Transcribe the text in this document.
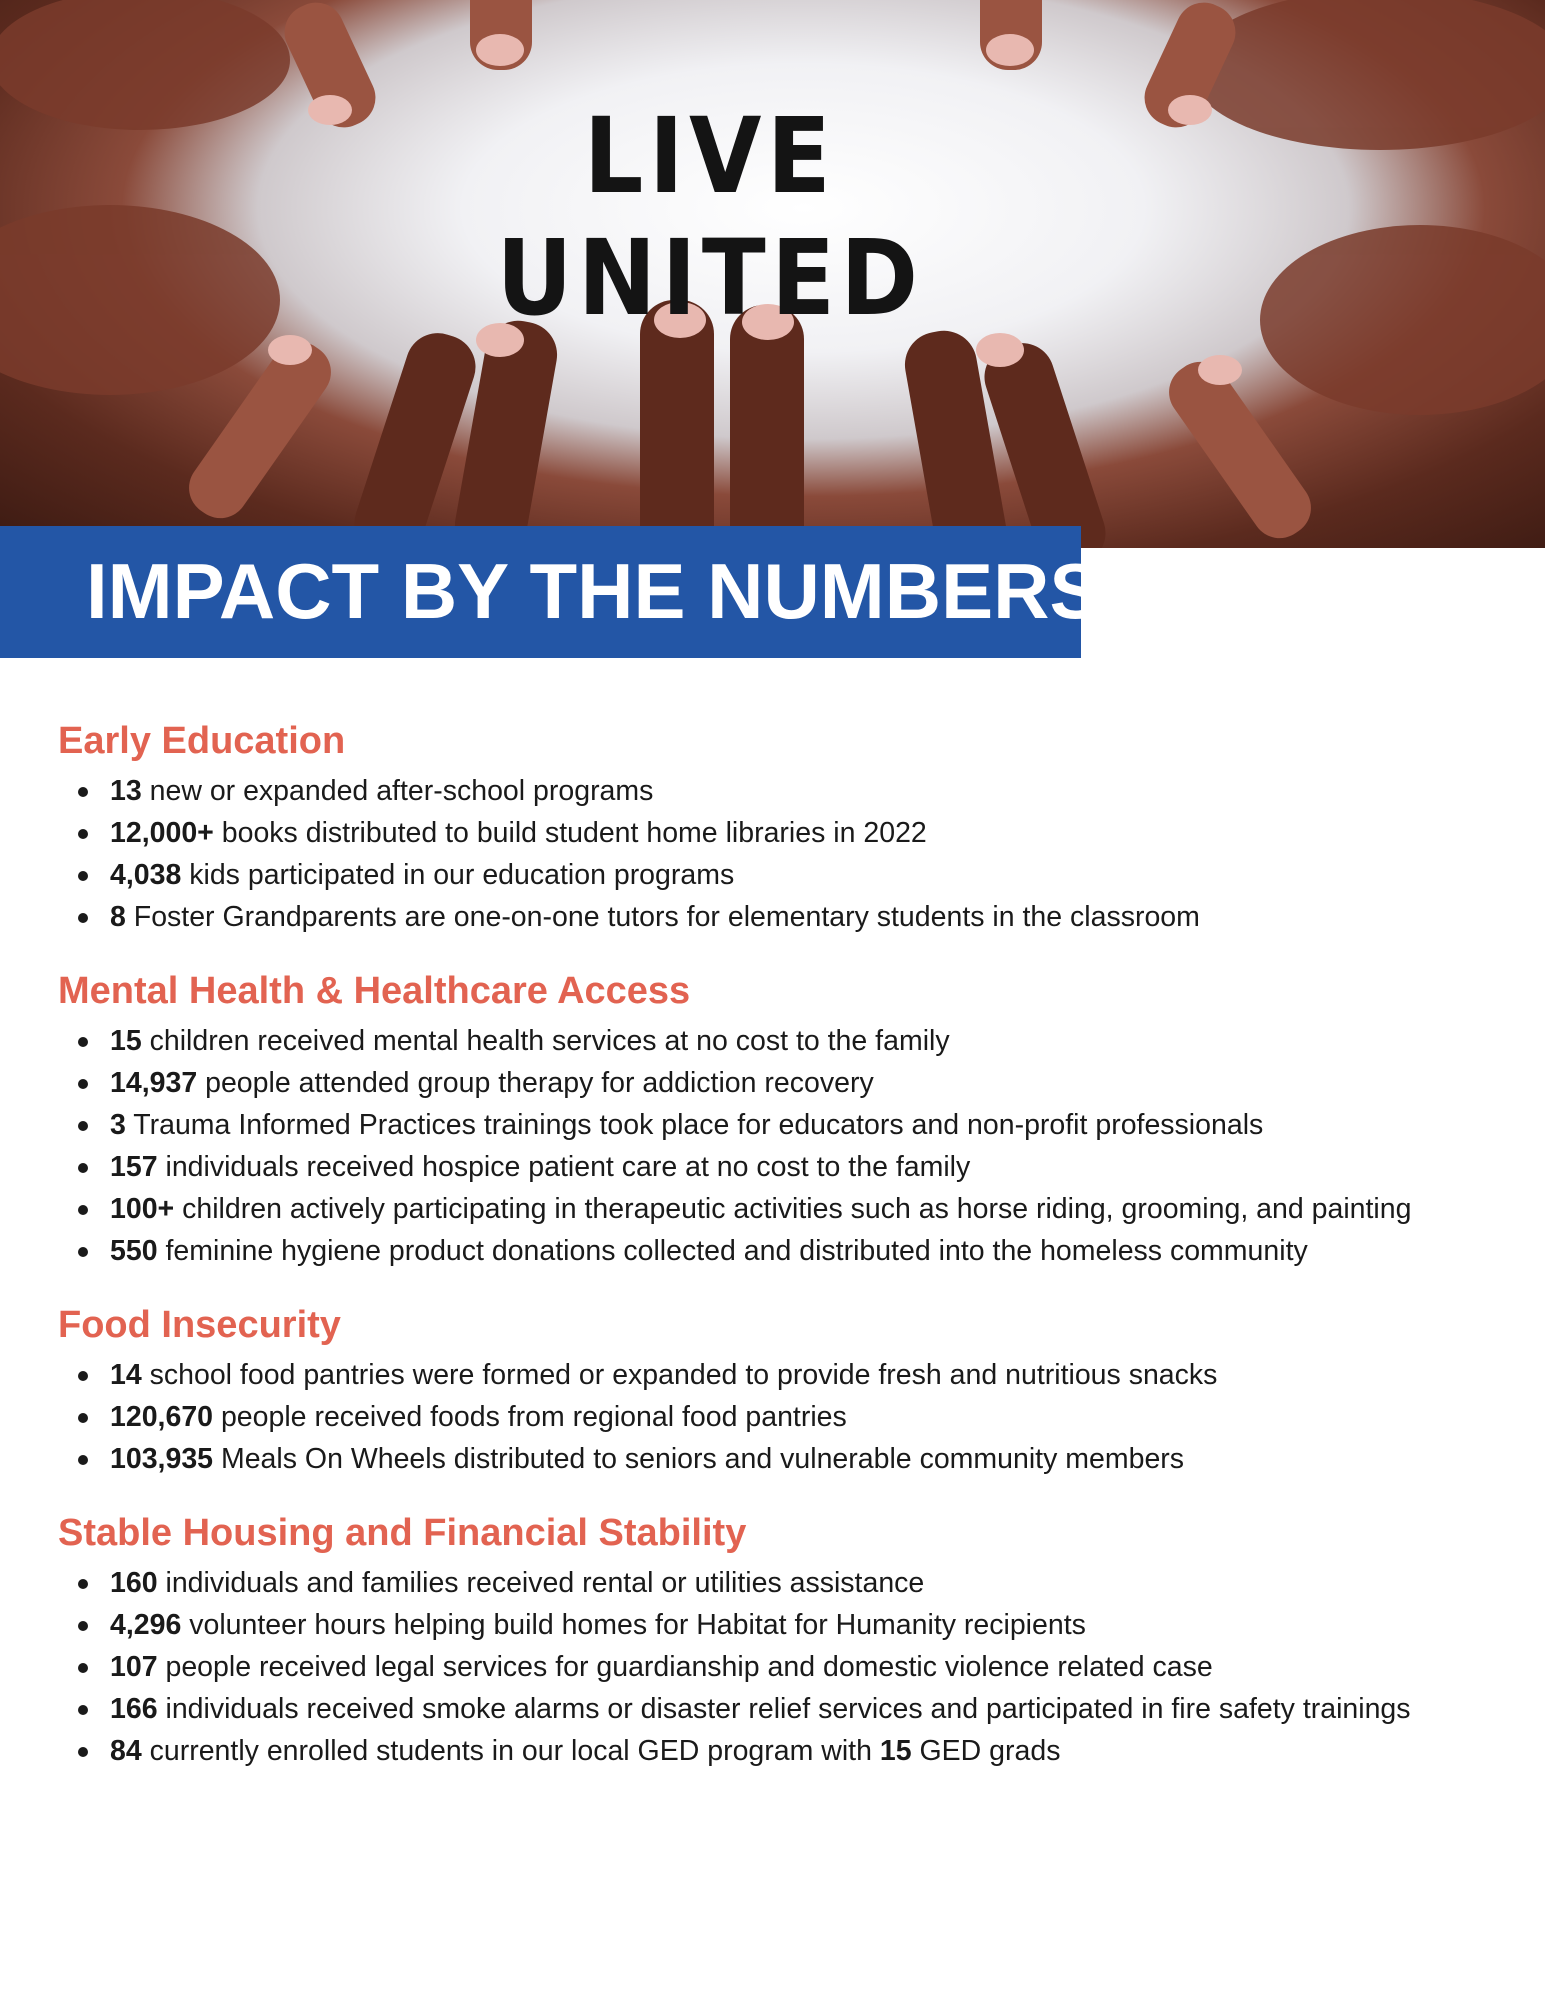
LIVE UNITED
IMPACT BY THE NUMBERS
Early Education
13 new or expanded after-school programs
12,000+ books distributed to build student home libraries in 2022
4,038 kids participated in our education programs
8 Foster Grandparents are one-on-one tutors for elementary students in the classroom
Mental Health & Healthcare Access
15 children received mental health services at no cost to the family
14,937 people attended group therapy for addiction recovery
3 Trauma Informed Practices trainings took place for educators and non-profit professionals
157 individuals received hospice patient care at no cost to the family
100+ children actively participating in therapeutic activities such as horse riding, grooming, and painting
550 feminine hygiene product donations collected and distributed into the homeless community
Food Insecurity
14 school food pantries were formed or expanded to provide fresh and nutritious snacks
120,670 people received foods from regional food pantries
103,935 Meals On Wheels distributed to seniors and vulnerable community members
Stable Housing and Financial Stability
160 individuals and families received rental or utilities assistance
4,296 volunteer hours helping build homes for Habitat for Humanity recipients
107 people received legal services for guardianship and domestic violence related case
166 individuals received smoke alarms or disaster relief services and participated in fire safety trainings
84 currently enrolled students in our local GED program with 15 GED grads
